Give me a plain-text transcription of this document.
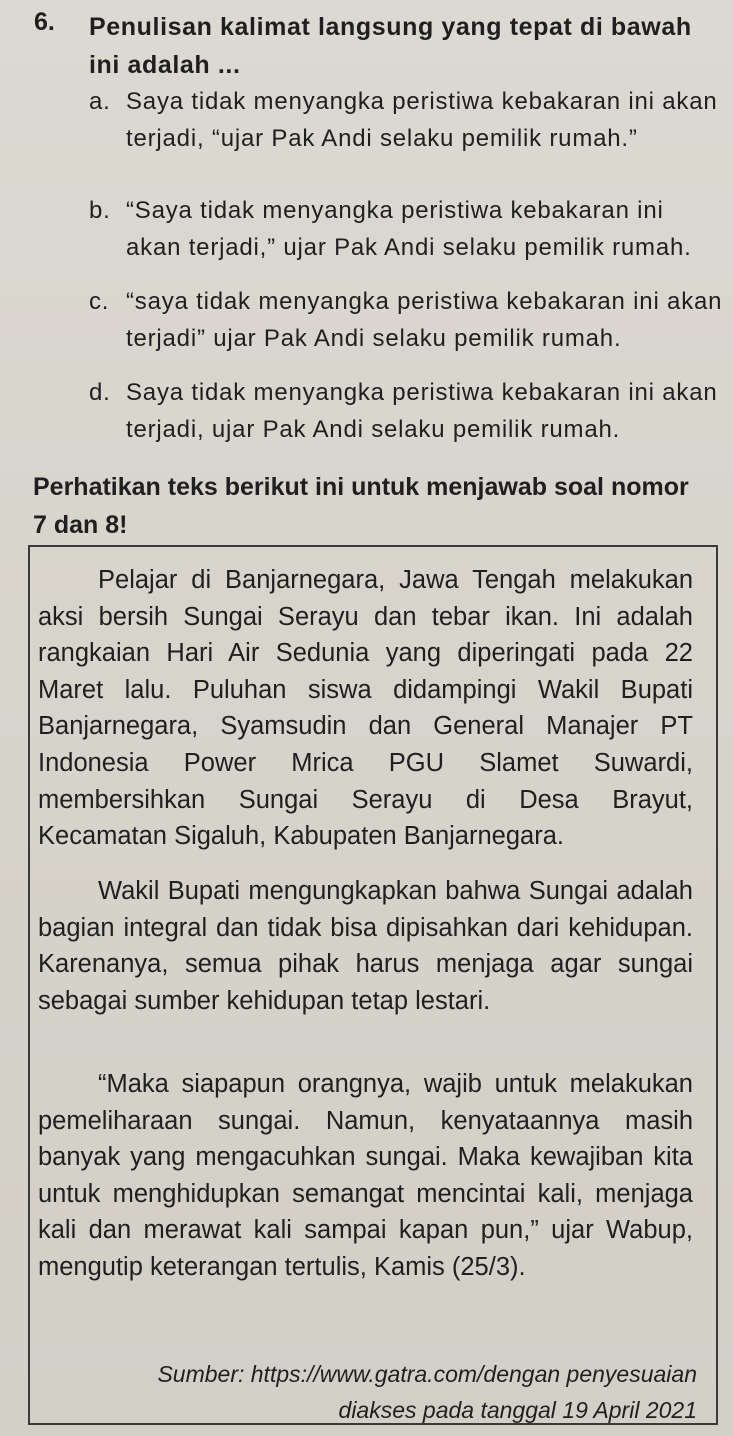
6. Penulisan kalimat langsung yang tepat di bawah ini adalah ...
a. Saya tidak menyangka peristiwa kebakaran ini akan terjadi, “ujar Pak Andi selaku pemilik rumah.”
b. “Saya tidak menyangka peristiwa kebakaran ini akan terjadi,” ujar Pak Andi selaku pemilik rumah.
c. “saya tidak menyangka peristiwa kebakaran ini akan terjadi” ujar Pak Andi selaku pemilik rumah.
d. Saya tidak menyangka peristiwa kebakaran ini akan terjadi, ujar Pak Andi selaku pemilik rumah.
Perhatikan teks berikut ini untuk menjawab soal nomor 7 dan 8!
Pelajar di Banjarnegara, Jawa Tengah melakukan aksi bersih Sungai Serayu dan tebar ikan. Ini adalah rangkaian Hari Air Sedunia yang diperingati pada 22 Maret lalu. Puluhan siswa didampingi Wakil Bupati Banjarnegara, Syamsudin dan General Manajer PT Indonesia Power Mrica PGU Slamet Suwardi, membersihkan Sungai Serayu di Desa Brayut, Kecamatan Sigaluh, Kabupaten Banjarnegara.
Wakil Bupati mengungkapkan bahwa Sungai adalah bagian integral dan tidak bisa dipisahkan dari kehidupan. Karenanya, semua pihak harus menjaga agar sungai sebagai sumber kehidupan tetap lestari.
“Maka siapapun orangnya, wajib untuk melakukan pemeliharaan sungai. Namun, kenyataannya masih banyak yang mengacuhkan sungai. Maka kewajiban kita untuk menghidupkan semangat mencintai kali, menjaga kali dan merawat kali sampai kapan pun,” ujar Wabup, mengutip keterangan tertulis, Kamis (25/3).
Sumber: https://www.gatra.com/dengan penyesuaian diakses pada tanggal 19 April 2021
